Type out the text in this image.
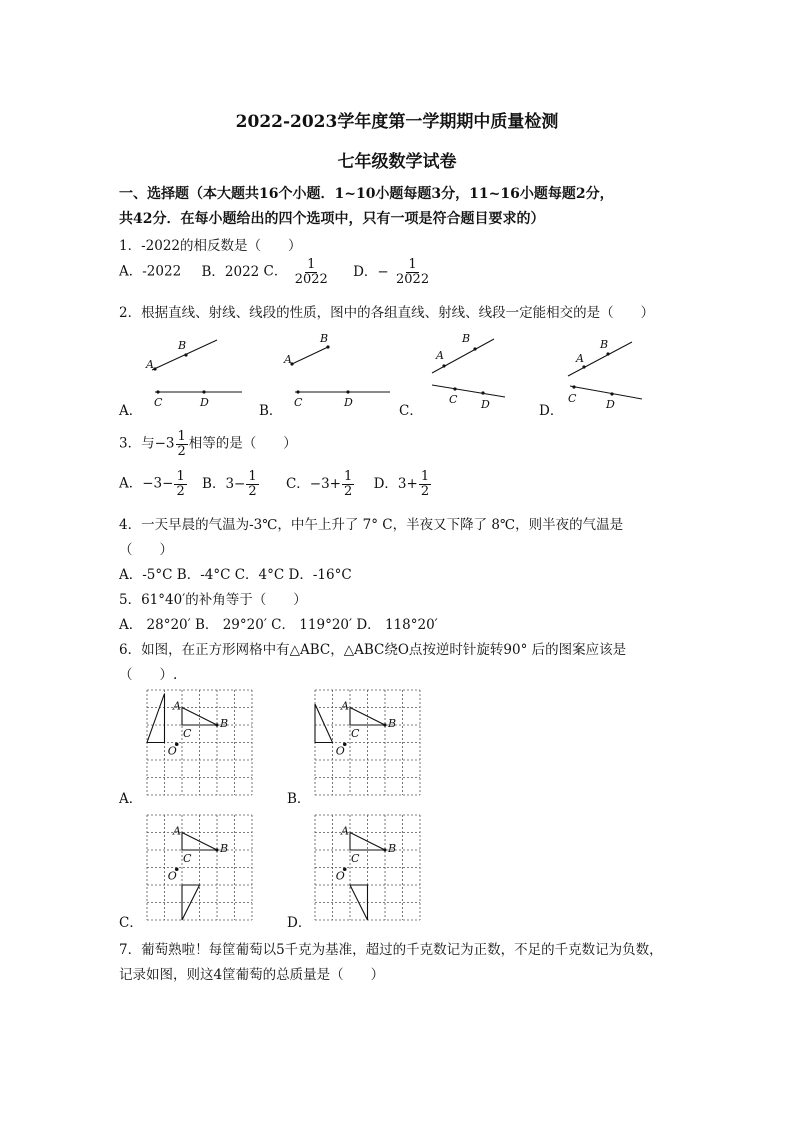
2022-2023学年度第一学期期中质量检测
七年级数学试卷
一、选择题（本大题共16个小题．1~10小题每题3分，11~16小题每题2分，
共42分．在每小题给出的四个选项中，只有一项是符合题目要求的）
1．-2022的相反数是（　　）
A．-2022 B．2022 C． $\frac{1}{2022}$ D．− $\frac{1}{2022}$
2．根据直线、射线、线段的性质，图中的各组直线、射线、线段一定能相交的是（　　）
A．
A
B
C	D
B．
A
B
C	D
C．
A
B
C D	D．
A
B
C	D
3．与$-3 \frac{1}{2}$ 相等的是（　　）
A．$-3- \frac{1}{2}$ B．$3- \frac{1}{2}$ C．$-3+ \frac{1}{2}$ D．$3+ \frac{1}{2}$
4．一天早晨的气温为-3℃，中午上升了 7° C，半夜又下降了 8℃，则半夜的气温是
（　　）
A．-5°C B．-4°C C．4°C D．-16°C
5．61°40′的补角等于（　　）
A． 28°20′ B． 29°20′ C． 119°20′ D． 118°20′
6．如图，在正方形网格中有△ABC，△ABC绕O点按逆时针旋转90° 后的图案应该是
（　　）.
A．
A
B
C
O
B．
A
B
C
O
C．
A
B
C
O
D．
A
B
C
O
7．葡萄熟啦！每筐葡萄以5千克为基准，超过的千克数记为正数，不足的千克数记为负数，
记录如图，则这4筐葡萄的总质量是（　　）
